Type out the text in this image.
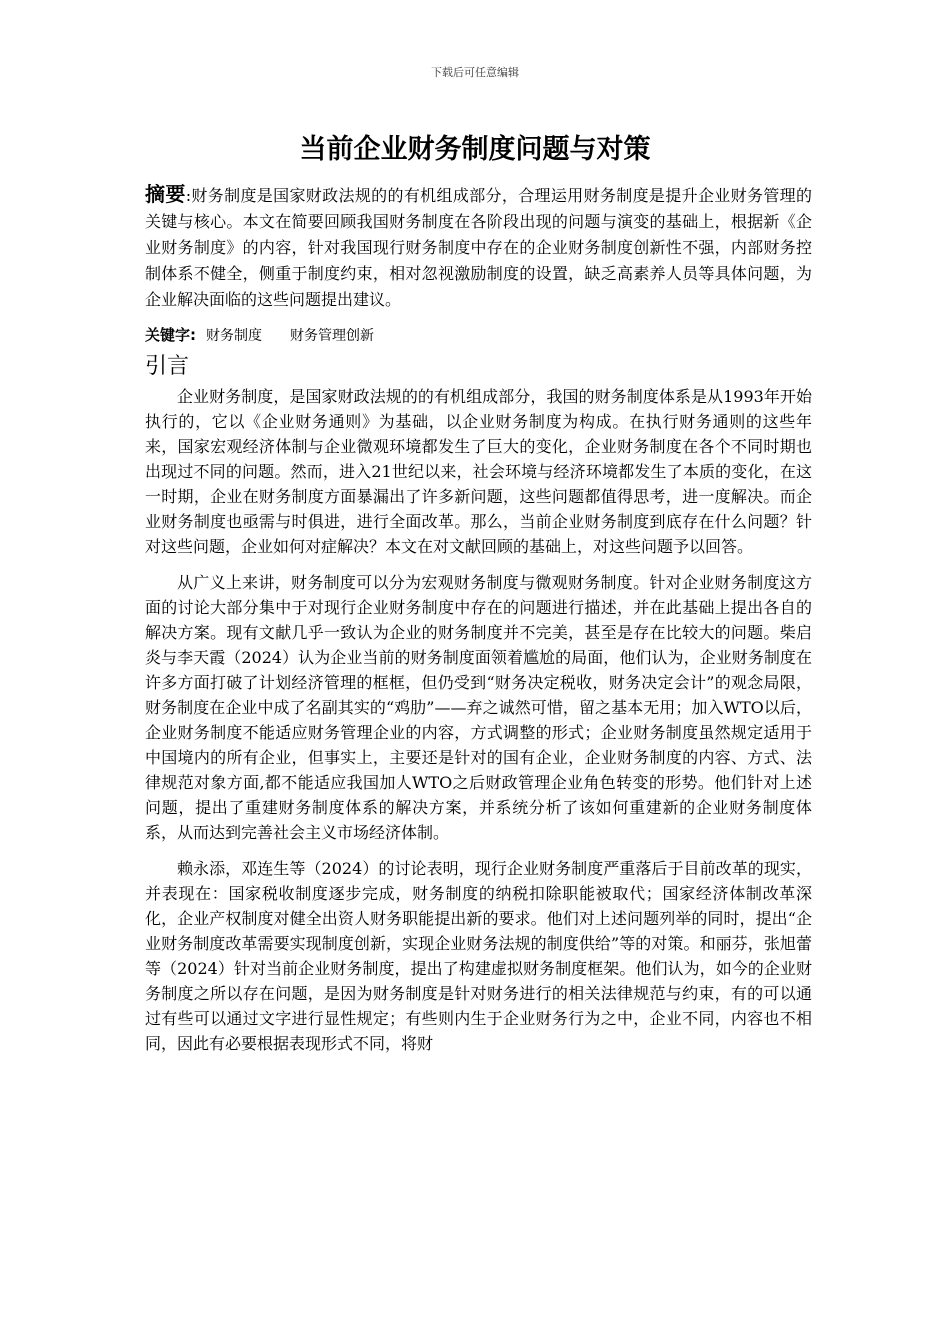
下载后可任意编辑
当前企业财务制度问题与对策

摘要:财务制度是国家财政法规的的有机组成部分，合理运用财务制度是提升企业财务管理的关键与核心。本文在简要回顾我国财务制度在各阶段出现的问题与演变的基础上，根据新《企业财务制度》的内容，针对我国现行财务制度中存在的企业财务制度创新性不强，内部财务控制体系不健全，侧重于制度约束，相对忽视激励制度的设置，缺乏高素养人员等具体问题，为企业解决面临的这些问题提出建议。

关键字: 财务制度 财务管理创新
引言

企业财务制度，是国家财政法规的的有机组成部分，我国的财务制度体系是从1993年开始执行的，它以《企业财务通则》为基础，以企业财务制度为构成。在执行财务通则的这些年来，国家宏观经济体制与企业微观环境都发生了巨大的变化，企业财务制度在各个不同时期也出现过不同的问题。然而，进入21世纪以来，社会环境与经济环境都发生了本质的变化，在这一时期，企业在财务制度方面暴漏出了许多新问题，这些问题都值得思考，进一度解决。而企业财务制度也亟需与时俱进，进行全面改革。那么，当前企业财务制度到底存在什么问题？针对这些问题，企业如何对症解决？本文在对文献回顾的基础上，对这些问题予以回答。

从广义上来讲，财务制度可以分为宏观财务制度与微观财务制度。针对企业财务制度这方面的讨论大部分集中于对现行企业财务制度中存在的问题进行描述，并在此基础上提出各自的解决方案。现有文献几乎一致认为企业的财务制度并不完美，甚至是存在比较大的问题。柴启炎与李天霞（2024）认为企业当前的财务制度面领着尴尬的局面，他们认为，企业财务制度在许多方面打破了计划经济管理的框框，但仍受到“财务决定税收，财务决定会计”的观念局限，财务制度在企业中成了名副其实的“鸡肋”——弃之诚然可惜，留之基本无用；加入WTO以后，企业财务制度不能适应财务管理企业的内容，方式调整的形式；企业财务制度虽然规定适用于中国境内的所有企业，但事实上，主要还是针对的国有企业，企业财务制度的内容、方式、法律规范对象方面,都不能适应我国加人WTO之后财政管理企业角色转变的形势。他们针对上述问题，提出了重建财务制度体系的解决方案，并系统分析了该如何重建新的企业财务制度体系，从而达到完善社会主义市场经济体制。

赖永添，邓连生等（2024）的讨论表明，现行企业财务制度严重落后于目前改革的现实，并表现在：国家税收制度逐步完成，财务制度的纳税扣除职能被取代；国家经济体制改革深化，企业产权制度对健全出资人财务职能提出新的要求。他们对上述问题列举的同时，提出“企业财务制度改革需要实现制度创新，实现企业财务法规的制度供给”等的对策。和丽芬，张旭蕾等（2024）针对当前企业财务制度，提出了构建虚拟财务制度框架。他们认为，如今的企业财务制度之所以存在问题，是因为财务制度是针对财务进行的相关法律规范与约束，有的可以通过有些可以通过文字进行显性规定；有些则内生于企业财务行为之中，企业不同，内容也不相同，因此有必要根据表现形式不同，将财
